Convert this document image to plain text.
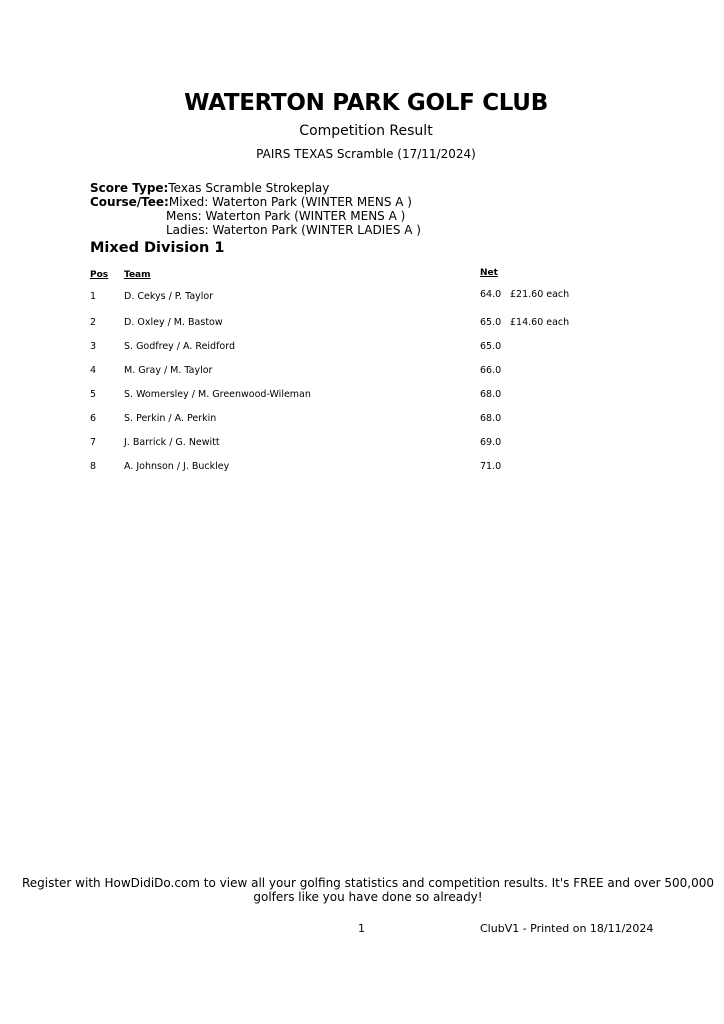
WATERTON PARK GOLF CLUB
Competition Result
PAIRS TEXAS Scramble (17/11/2024)
Score Type:Texas Scramble Strokeplay
Course/Tee:Mixed: Waterton Park (WINTER MENS A )
Mens: Waterton Park (WINTER MENS A )
Ladies: Waterton Park (WINTER LADIES A )
Mixed Division 1
Pos Team	Net
1	D. Cekys / P. Taylor	64.0 £21.60 each
2	D. Oxley / M. Bastow	65.0 £14.60 each
3	S. Godfrey / A. Reidford	65.0
4	M. Gray / M. Taylor	66.0
5	S. Womersley / M. Greenwood-Wileman	68.0
6	S. Perkin / A. Perkin	68.0
7	J. Barrick / G. Newitt	69.0
8	A. Johnson / J. Buckley	71.0
Register with HowDidiDo.com to view all your golfing statistics and competition results. It's FREE and over 500,000 golfers like you have done so already!
1	ClubV1 - Printed on 18/11/2024
